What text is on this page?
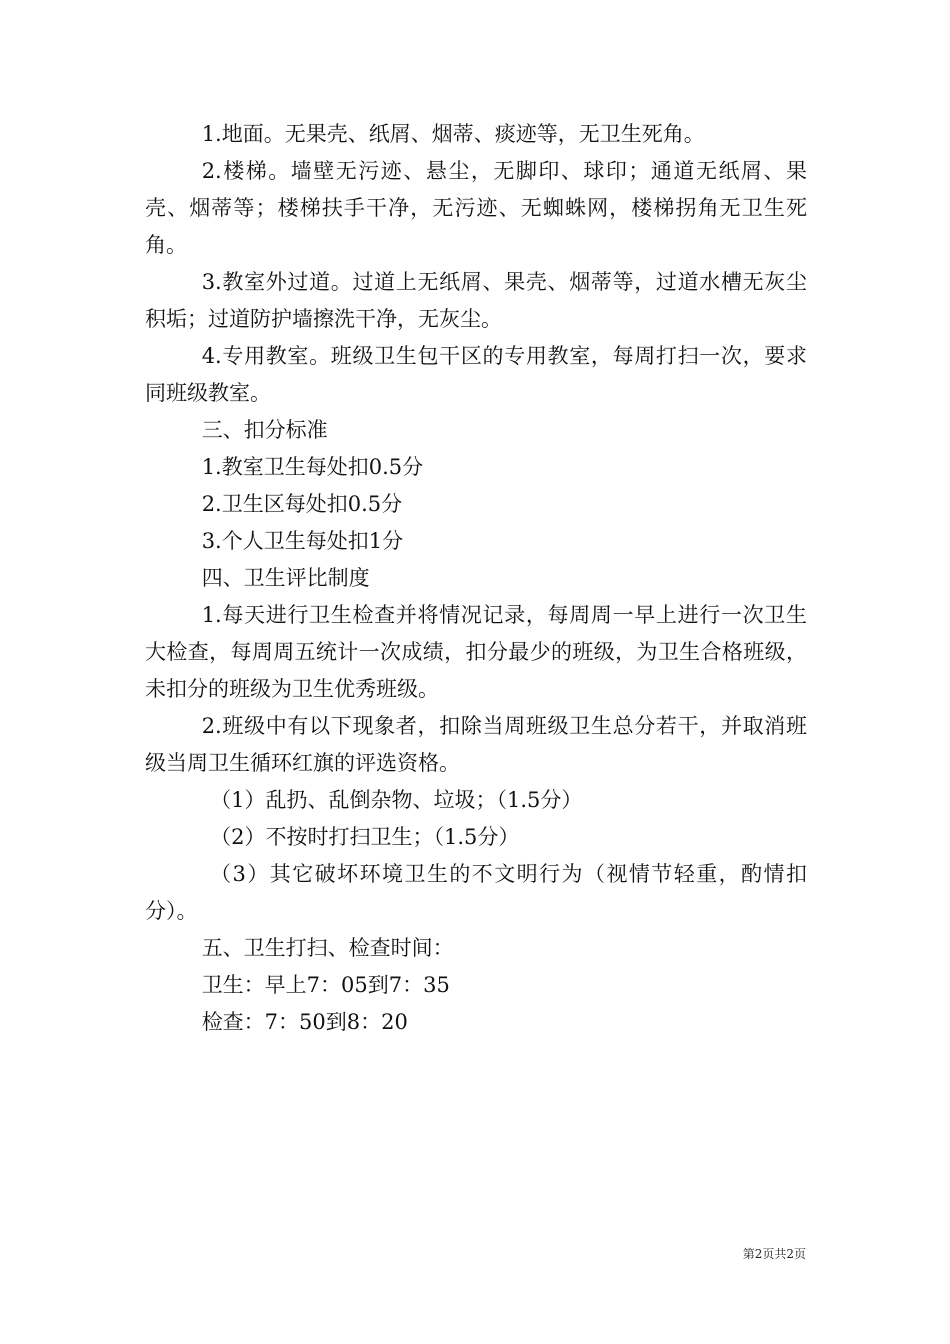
1.地面。无果壳、纸屑、烟蒂、痰迹等，无卫生死角。

2.楼梯。墙壁无污迹、悬尘，无脚印、球印；通道无纸屑、果壳、烟蒂等；楼梯扶手干净，无污迹、无蜘蛛网，楼梯拐角无卫生死角。

3.教室外过道。过道上无纸屑、果壳、烟蒂等，过道水槽无灰尘积垢；过道防护墙擦洗干净，无灰尘。

4.专用教室。班级卫生包干区的专用教室，每周打扫一次，要求同班级教室。

三、扣分标准

1.教室卫生每处扣0.5分

2.卫生区每处扣0.5分

3.个人卫生每处扣1分

四、卫生评比制度

1.每天进行卫生检查并将情况记录，每周周一早上进行一次卫生大检查，每周周五统计一次成绩，扣分最少的班级，为卫生合格班级，未扣分的班级为卫生优秀班级。

2.班级中有以下现象者，扣除当周班级卫生总分若干，并取消班级当周卫生循环红旗的评选资格。

（1）乱扔、乱倒杂物、垃圾；（1.5分）

（2）不按时打扫卫生；（1.5分）

（3）其它破坏环境卫生的不文明行为（视情节轻重，酌情扣分）。

五、卫生打扫、检查时间：

卫生：早上7：05到7：35

检查：7：50到8：20

第2页共2页
